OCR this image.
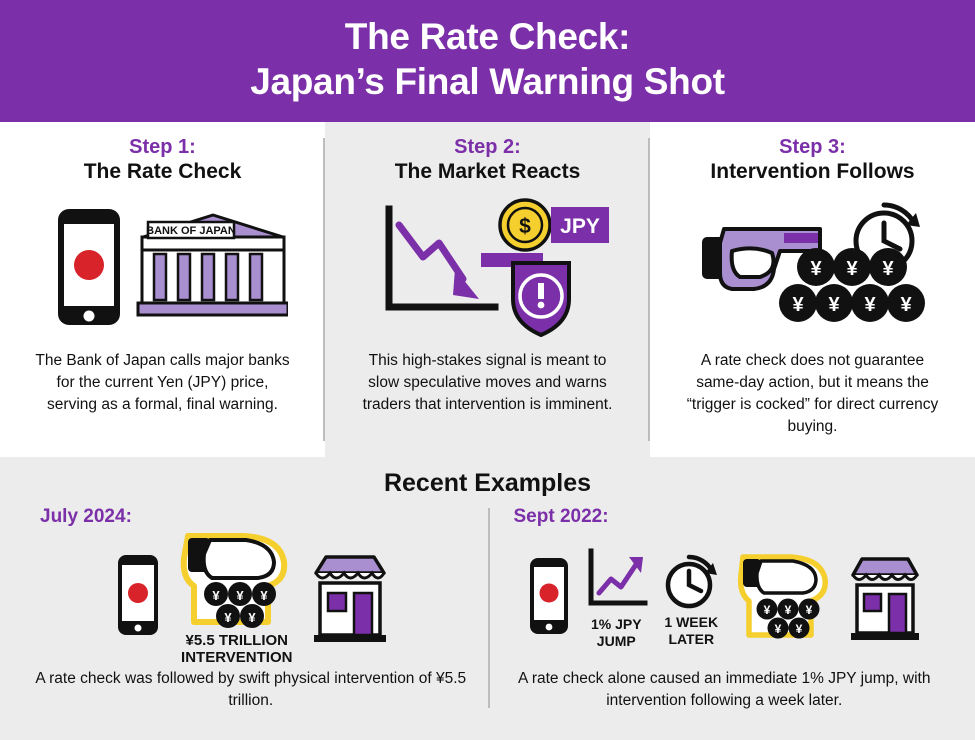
The Rate Check:
Japan’s Final Warning Shot
Step 1:
The Rate Check
BANK OF JAPAN
The Bank of Japan calls major banks for the current Yen (JPY) price, serving as a formal, final warning.
Step 2:
The Market Reacts
$ JPY
This high-stakes signal is meant to slow speculative moves and warns traders that intervention is imminent.
Step 3:
Intervention Follows
¥ ¥ ¥
¥ ¥ ¥ ¥
A rate check does not guarantee same-day action, but it means the “trigger is cocked” for direct currency buying.
Recent Examples
July 2024:
¥ ¥ ¥
¥ ¥
¥5.5 TRILLION
INTERVENTION
A rate check was followed by swift physical intervention of ¥5.5 trillion.
Sept 2022:
1% JPY
JUMP
1 WEEK
LATER
¥ ¥ ¥
¥ ¥
A rate check alone caused an immediate 1% JPY jump, with intervention following a week later.
